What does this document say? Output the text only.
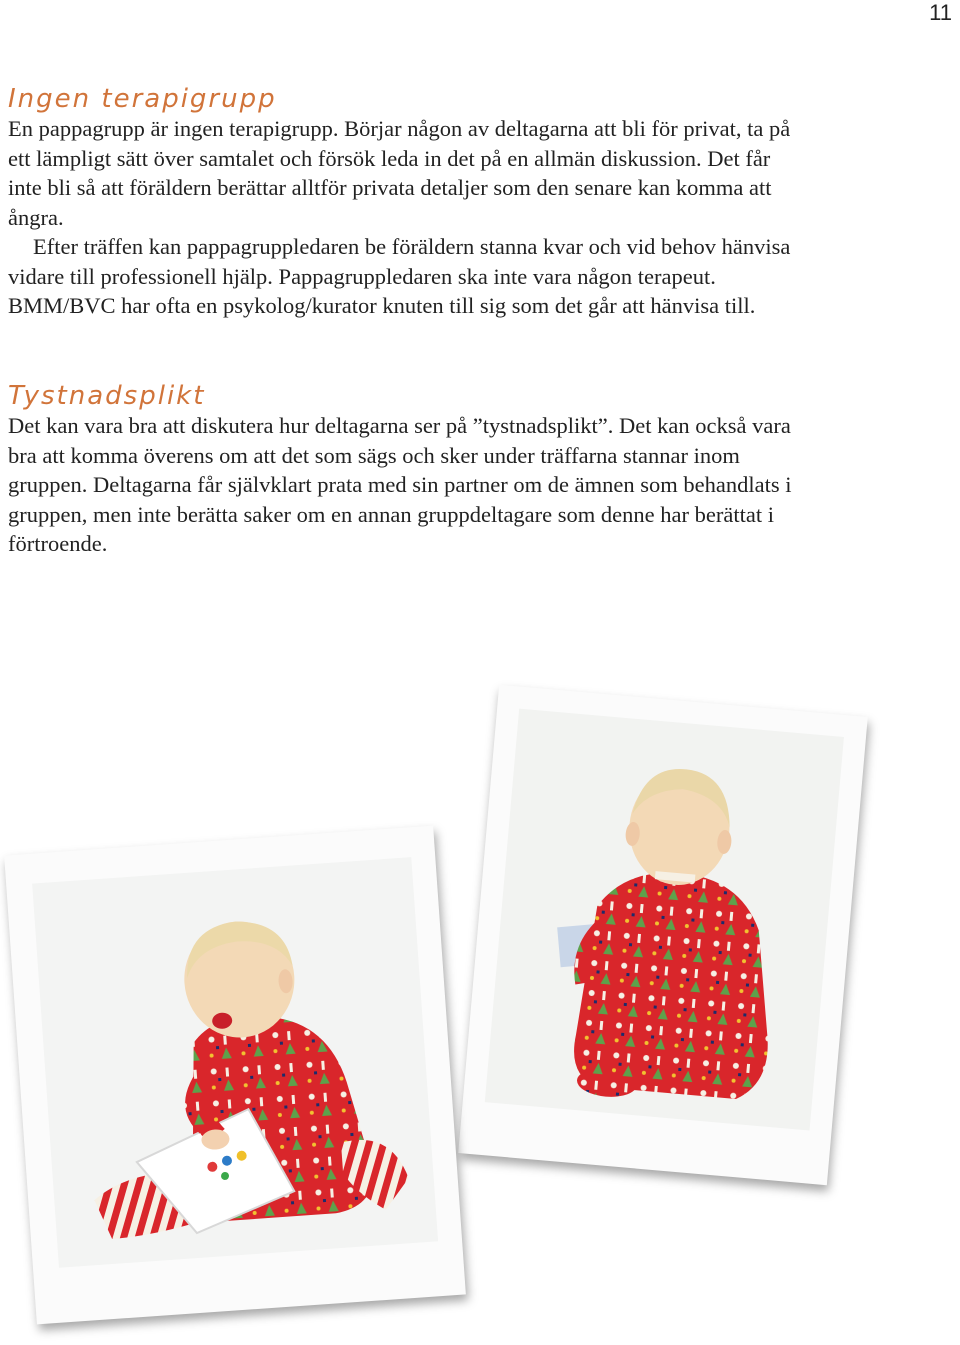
11
Ingen terapigrupp

En pappagrupp är ingen terapigrupp. Börjar någon av deltagarna att bli för privat, ta på ett lämpligt sätt över samtalet och försök leda in det på en allmän diskussion. Det får inte bli så att föräldern berättar alltför privata detaljer som den senare kan komma att ångra.

Efter träffen kan pappagruppledaren be föräldern stanna kvar och vid behov hänvisa vidare till professionell hjälp. Pappagruppledaren ska inte vara någon terapeut. BMM/BVC har ofta en psykolog/kurator knuten till sig som det går att hänvisa till.

Tystnadsplikt

Det kan vara bra att diskutera hur deltagarna ser på ”tystnadsplikt”. Det kan också vara bra att komma överens om att det som sägs och sker under träffarna stannar inom gruppen. Deltagarna får självklart prata med sin partner om de ämnen som behandlats i gruppen, men inte berätta saker om en annan gruppdeltagare som denne har berättat i förtroende.
